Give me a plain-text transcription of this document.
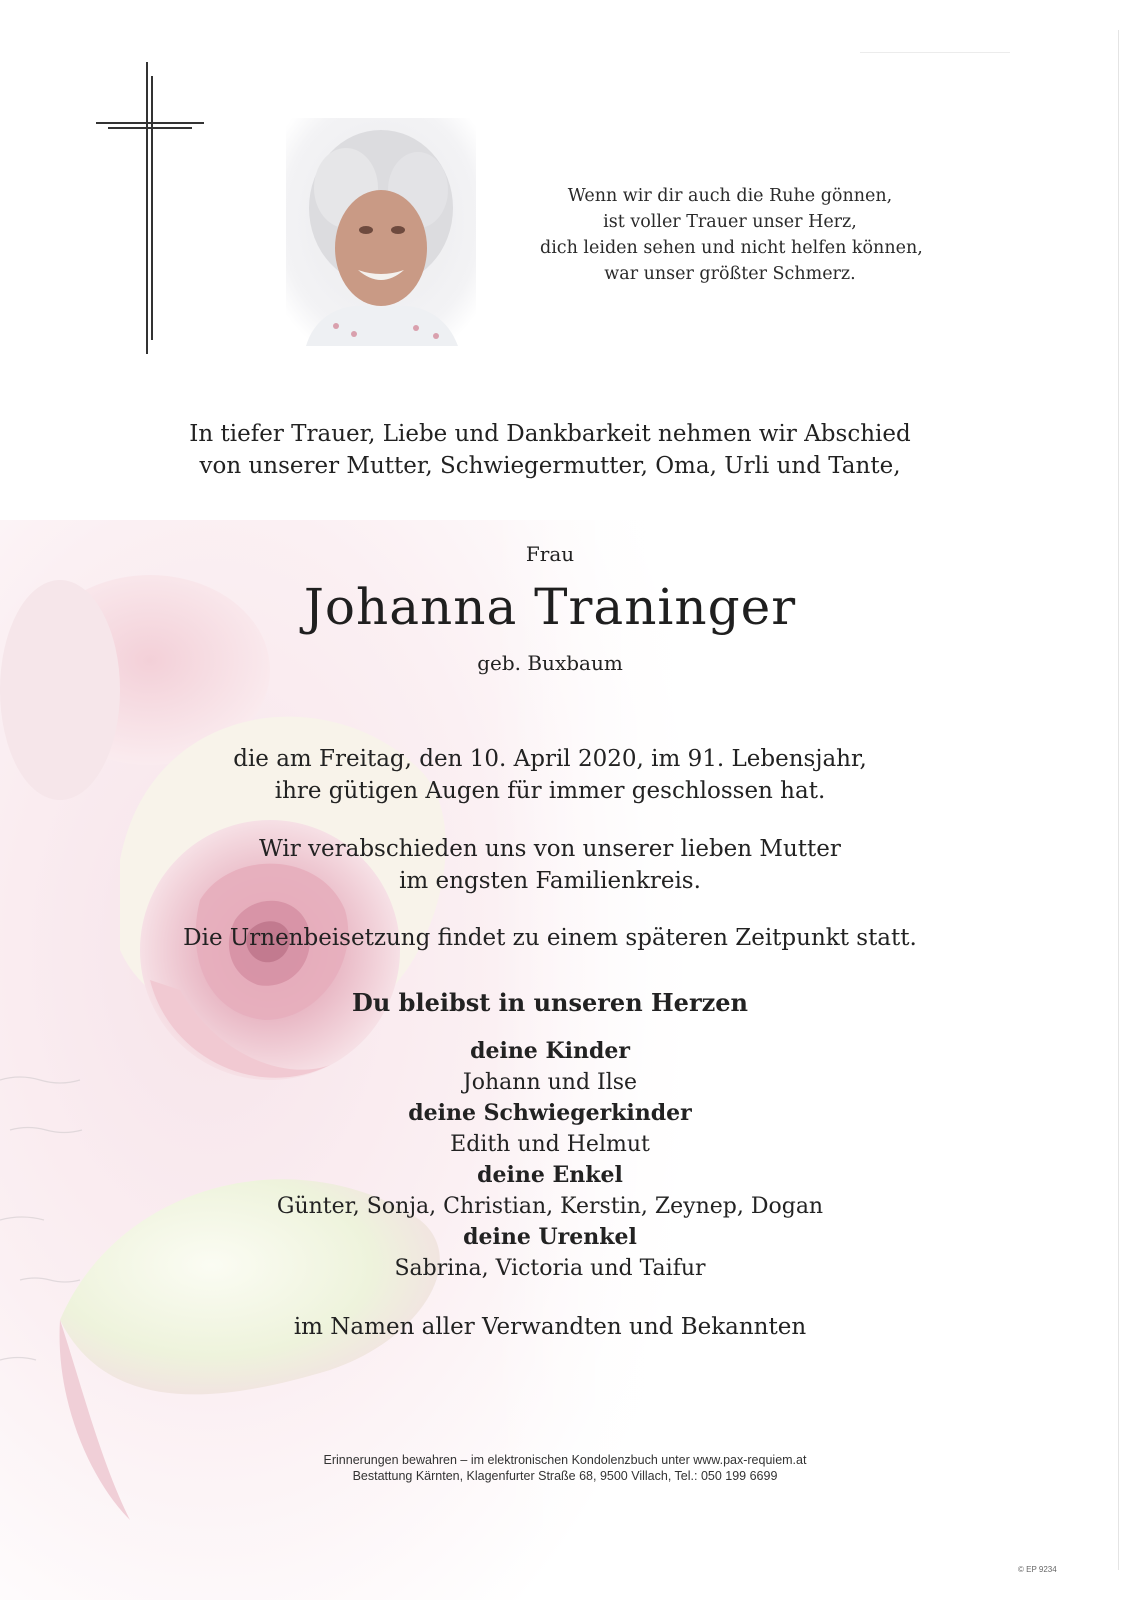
Wenn wir dir auch die Ruhe gönnen,
ist voller Trauer unser Herz,
dich leiden sehen und nicht helfen können,
war unser größter Schmerz.
In tiefer Trauer, Liebe und Dankbarkeit nehmen wir Abschied
von unserer Mutter, Schwiegermutter, Oma, Urli und Tante,
Frau
Johanna Traninger
geb. Buxbaum
die am Freitag, den 10. April 2020, im 91. Lebensjahr,
ihre gütigen Augen für immer geschlossen hat.
Wir verabschieden uns von unserer lieben Mutter
im engsten Familienkreis.
Die Urnenbeisetzung findet zu einem späteren Zeitpunkt statt.
Du bleibst in unseren Herzen
deine Kinder
Johann und Ilse
deine Schwiegerkinder
Edith und Helmut
deine Enkel
Günter, Sonja, Christian, Kerstin, Zeynep, Dogan
deine Urenkel
Sabrina, Victoria und Taifur
im Namen aller Verwandten und Bekannten
Erinnerungen bewahren – im elektronischen Kondolenzbuch unter www.pax-requiem.at
Bestattung Kärnten, Klagenfurter Straße 68, 9500 Villach, Tel.: 050 199 6699
© EP 9234
